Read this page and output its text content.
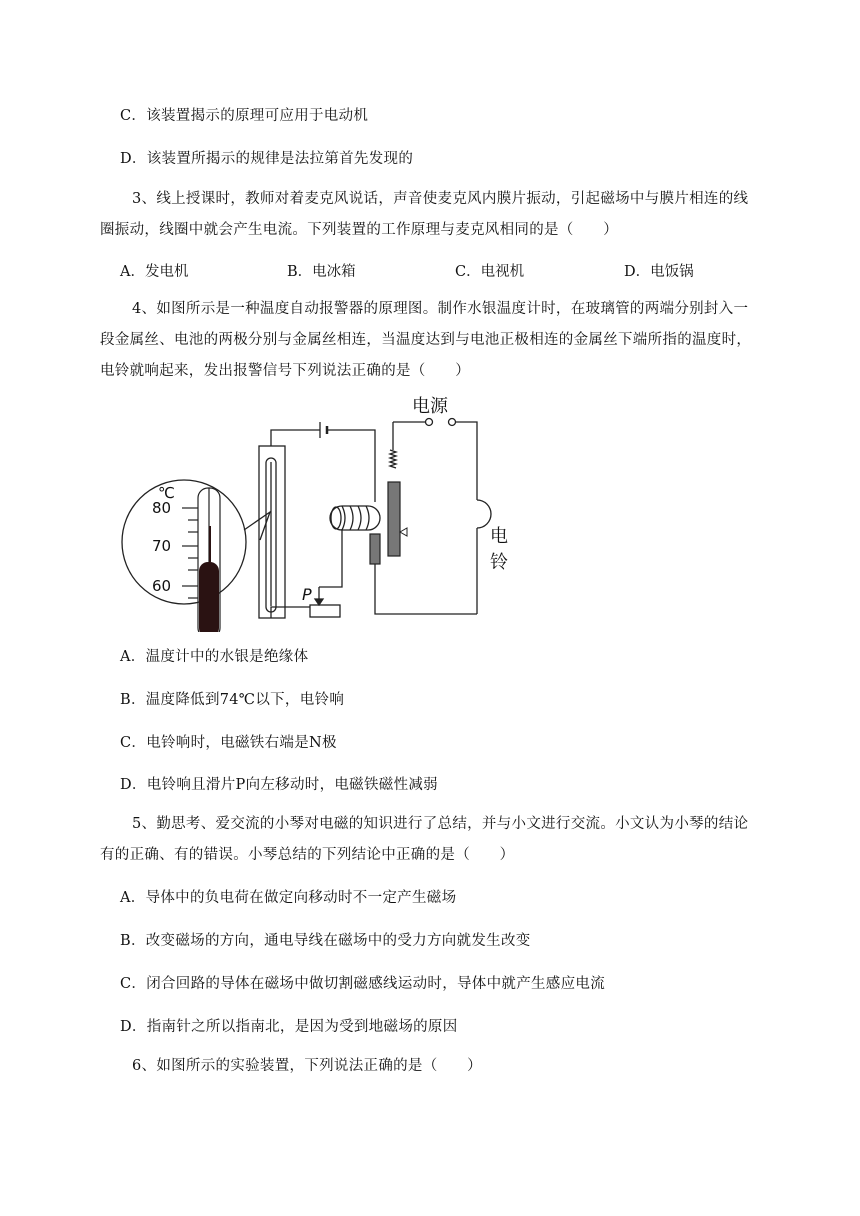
C．该装置揭示的原理可应用于电动机
D．该装置所揭示的规律是法拉第首先发现的
3、线上授课时，教师对着麦克风说话，声音使麦克风内膜片振动，引起磁场中与膜片相连的线圈振动，线圈中就会产生电流。下列装置的工作原理与麦克风相同的是（　　）
A．发电机	B．电冰箱	C．电视机	D．电饭锅
4、如图所示是一种温度自动报警器的原理图。制作水银温度计时，在玻璃管的两端分别封入一段金属丝、电池的两极分别与金属丝相连，当温度达到与电池正极相连的金属丝下端所指的温度时，电铃就响起来，发出报警信号下列说法正确的是（　　）
℃
80
70
60
电源
电
铃
P
A．温度计中的水银是绝缘体
B．温度降低到74℃以下，电铃响
C．电铃响时，电磁铁右端是N极
D．电铃响且滑片P向左移动时，电磁铁磁性减弱
5、勤思考、爱交流的小琴对电磁的知识进行了总结，并与小文进行交流。小文认为小琴的结论有的正确、有的错误。小琴总结的下列结论中正确的是（　　）
A．导体中的负电荷在做定向移动时不一定产生磁场
B．改变磁场的方向，通电导线在磁场中的受力方向就发生改变
C．闭合回路的导体在磁场中做切割磁感线运动时，导体中就产生感应电流
D．指南针之所以指南北，是因为受到地磁场的原因
6、如图所示的实验装置，下列说法正确的是（　　）
